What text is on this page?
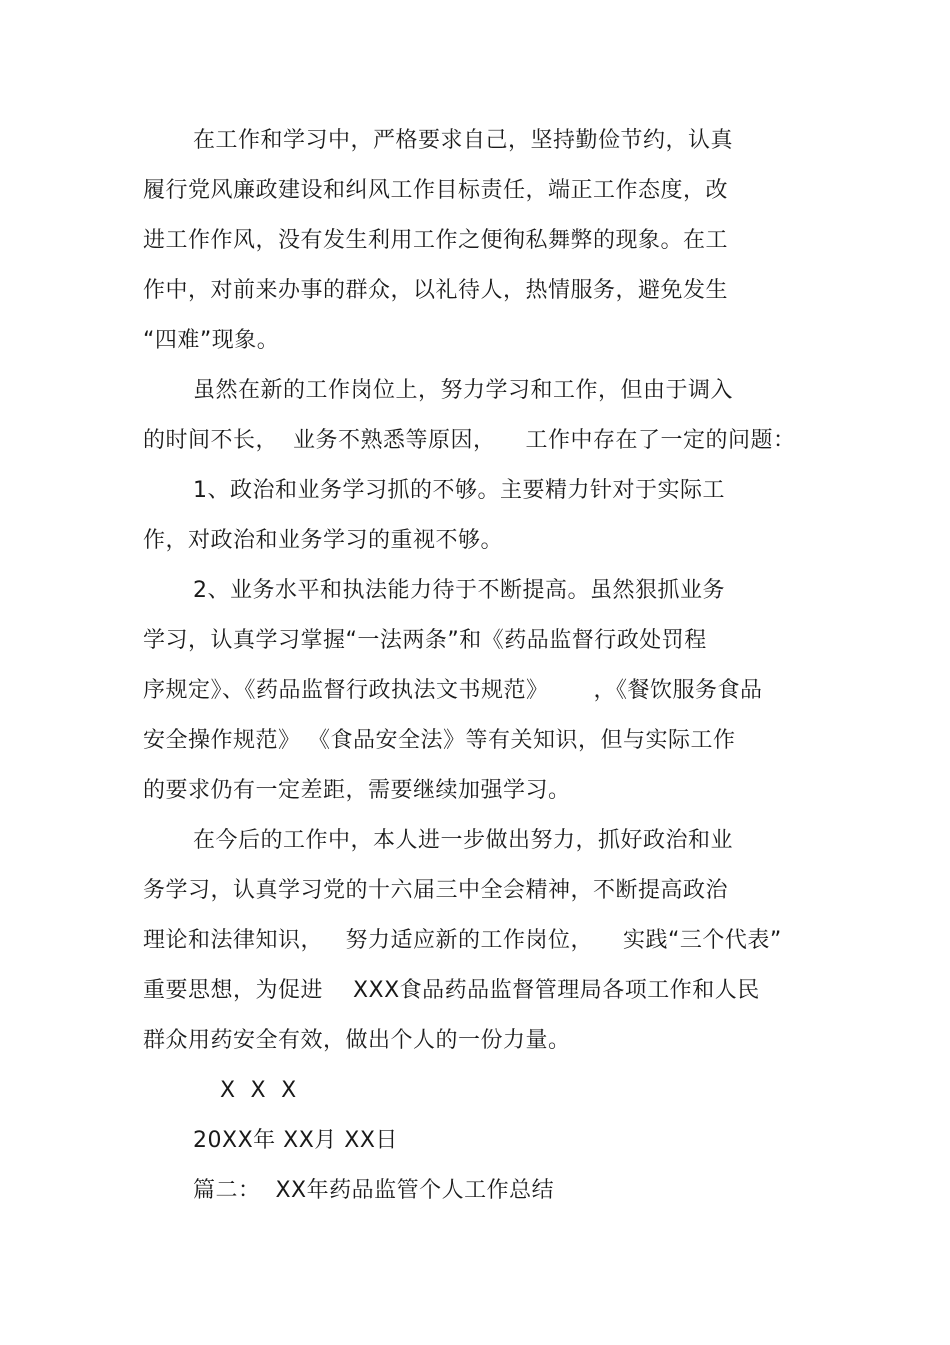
在工作和学习中，严格要求自己，坚持勤俭节约，认真
履行党风廉政建设和纠风工作目标责任，端正工作态度，改
进工作作风，没有发生利用工作之便徇私舞弊的现象。在工
作中，对前来办事的群众，以礼待人，热情服务，避免发生
“四难”现象。
虽然在新的工作岗位上，努力学习和工作，但由于调入
的时间不长，  业务不熟悉等原因，    工作中存在了一定的问题：
1、政治和业务学习抓的不够。主要精力针对于实际工
作，对政治和业务学习的重视不够。
2、业务水平和执法能力待于不断提高。虽然狠抓业务
学习，认真学习掌握“一法两条”和《药品监督行政处罚程
序规定》、《药品监督行政执法文书规范》      ，《餐饮服务食品
安全操作规范》 《食品安全法》等有关知识，但与实际工作
的要求仍有一定差距，需要继续加强学习。
在今后的工作中，本人进一步做出努力，抓好政治和业
务学习，认真学习党的十六届三中全会精神，不断提高政治
理论和法律知识，   努力适应新的工作岗位，    实践“三个代表”
重要思想，为促进    XXX食品药品监督管理局各项工作和人民
群众用药安全有效，做出个人的一份力量。
X  X  X
20XX年 XX月 XX日
篇二：  XX年药品监管个人工作总结
